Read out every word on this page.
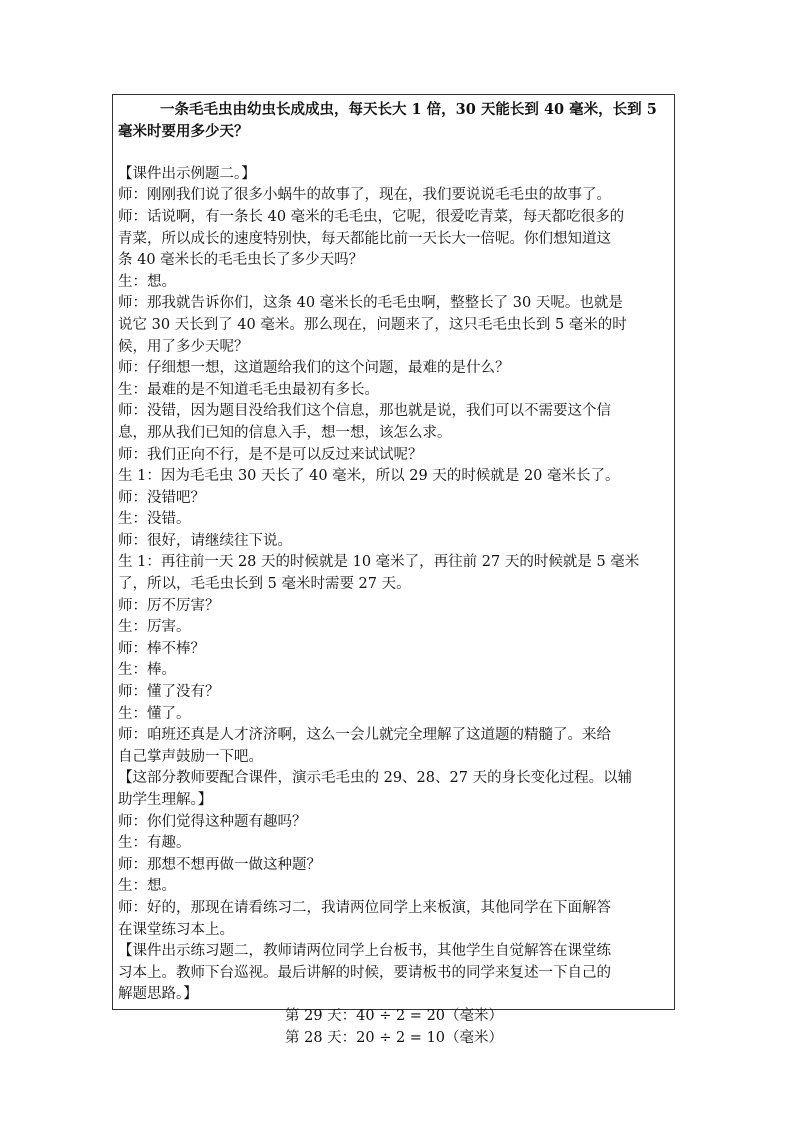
一条毛毛虫由幼虫长成成虫，每天长大 1 倍，30 天能长到 40 毫米，长到 5
毫米时要用多少天？
【课件出示例题二。】
师：刚刚我们说了很多小蜗牛的故事了，现在，我们要说说毛毛虫的故事了。
师：话说啊，有一条长 40 毫米的毛毛虫，它呢，很爱吃青菜，每天都吃很多的
青菜，所以成长的速度特别快，每天都能比前一天长大一倍呢。你们想知道这
条 40 毫米长的毛毛虫长了多少天吗？
生：想。
师：那我就告诉你们，这条 40 毫米长的毛毛虫啊，整整长了 30 天呢。也就是
说它 30 天长到了 40 毫米。那么现在，问题来了，这只毛毛虫长到 5 毫米的时
候，用了多少天呢？
师：仔细想一想，这道题给我们的这个问题，最难的是什么？
生：最难的是不知道毛毛虫最初有多长。
师：没错，因为题目没给我们这个信息，那也就是说，我们可以不需要这个信
息，那从我们已知的信息入手，想一想，该怎么求。
师：我们正向不行，是不是可以反过来试试呢？
生 1：因为毛毛虫 30 天长了 40 毫米，所以 29 天的时候就是 20 毫米长了。
师：没错吧？
生：没错。
师：很好，请继续往下说。
生 1：再往前一天 28 天的时候就是 10 毫米了，再往前 27 天的时候就是 5 毫米
了，所以，毛毛虫长到 5 毫米时需要 27 天。
师：厉不厉害？
生：厉害。
师：棒不棒？
生：棒。
师：懂了没有？
生：懂了。
师：咱班还真是人才济济啊，这么一会儿就完全理解了这道题的精髓了。来给
自己掌声鼓励一下吧。
【这部分教师要配合课件，演示毛毛虫的 29、28、27 天的身长变化过程。以辅
助学生理解。】
师：你们觉得这种题有趣吗？
生：有趣。
师：那想不想再做一做这种题？
生：想。
师：好的，那现在请看练习二，我请两位同学上来板演，其他同学在下面解答
在课堂练习本上。
【课件出示练习题二，教师请两位同学上台板书，其他学生自觉解答在课堂练
习本上。教师下台巡视。最后讲解的时候，要请板书的同学来复述一下自己的
解题思路。】
第 29 天：40 ÷ 2 = 20（毫米）
第 28 天：20 ÷ 2 = 10（毫米）
